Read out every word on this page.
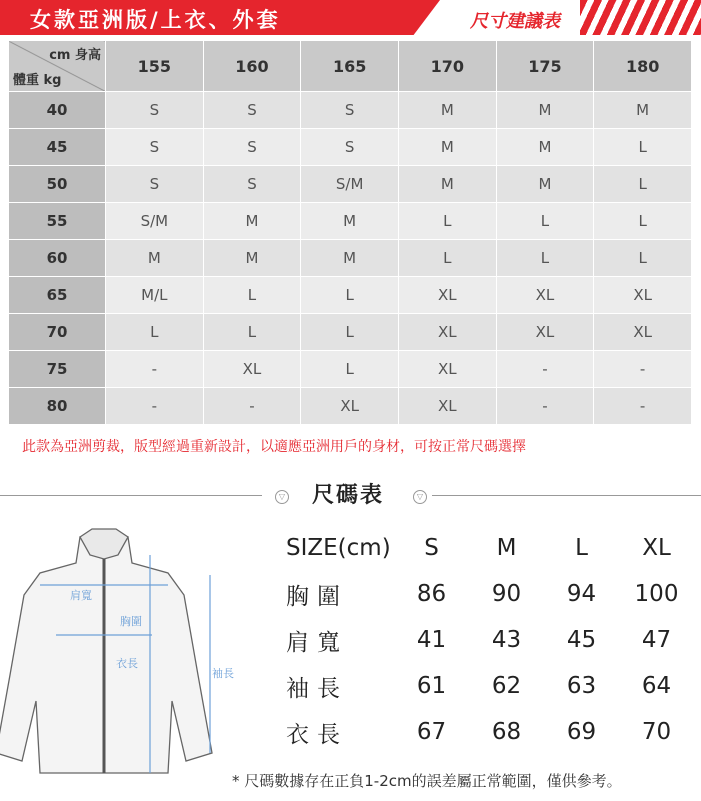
女款亞洲版/上衣、外套	尺寸建議表
cm 身高
體重 kg	155	160	165	170	175	180
40	S	S	S	M	M	M
45	S	S	S	M	M	L
50	S	S	S/M	M	M	L
55	S/M	M	M	L	L	L
60	M	M	M	L	L	L
65	M/L	L	L	XL	XL	XL
70	L	L	L	XL	XL	XL
75	-	XL	L	XL	-	-
80	-	-	XL	XL	-	-
此款為亞洲剪裁，版型經過重新設計，以適應亞洲用戶的身材，可按正常尺碼選擇
▽ 尺碼表	▽
肩寬
胸圍
衣長
袖長
SIZE(cm)	S	M	L	XL
胸圍	86	90	94	100
肩寬	41	43	45	47
袖長	61	62	63	64
衣長	67	68	69	70
* 尺碼數據存在正負1-2cm的誤差屬正常範圍，僅供參考。
